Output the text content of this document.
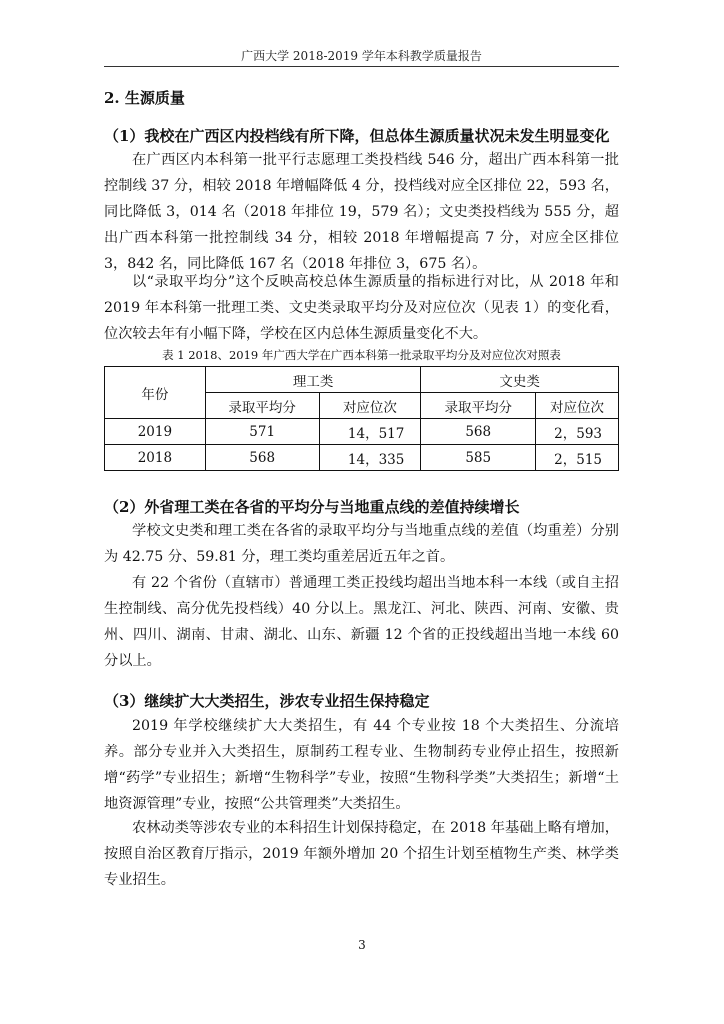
广西大学 2018-2019 学年本科教学质量报告
2. 生源质量
（1）我校在广西区内投档线有所下降，但总体生源质量状况未发生明显变化
在广西区内本科第一批平行志愿理工类投档线 546 分，超出广西本科第一批控制线 37 分，相较 2018 年增幅降低 4 分，投档线对应全区排位 22，593 名，同比降低 3，014 名（2018 年排位 19，579 名）；文史类投档线为 555 分，超出广西本科第一批控制线 34 分，相较 2018 年增幅提高 7 分，对应全区排位 3，842 名，同比降低 167 名（2018 年排位 3，675 名）。
以“录取平均分”这个反映高校总体生源质量的指标进行对比，从 2018 年和 2019 年本科第一批理工类、文史类录取平均分及对应位次（见表 1）的变化看，位次较去年有小幅下降，学校在区内总体生源质量变化不大。
表 1 2018、2019 年广西大学在广西本科第一批录取平均分及对应位次对照表
年份	理工类		文史类	
	录取平均分	对应位次	录取平均分	对应位次
2019	571	14，517	568	2，593
2018	568	14，335	585	2，515
（2）外省理工类在各省的平均分与当地重点线的差值持续增长
学校文史类和理工类在各省的录取平均分与当地重点线的差值（均重差）分别为 42.75 分、59.81 分，理工类均重差居近五年之首。
有 22 个省份（直辖市）普通理工类正投线均超出当地本科一本线（或自主招生控制线、高分优先投档线）40 分以上。黑龙江、河北、陕西、河南、安徽、贵州、四川、湖南、甘肃、湖北、山东、新疆 12 个省的正投线超出当地一本线 60 分以上。
（3）继续扩大大类招生，涉农专业招生保持稳定
2019 年学校继续扩大大类招生，有 44 个专业按 18 个大类招生、分流培养。部分专业并入大类招生，原制药工程专业、生物制药专业停止招生，按照新增“药学”专业招生；新增“生物科学”专业，按照“生物科学类”大类招生；新增“土地资源管理”专业，按照“公共管理类”大类招生。
农林动类等涉农专业的本科招生计划保持稳定，在 2018 年基础上略有增加，按照自治区教育厅指示，2019 年额外增加 20 个招生计划至植物生产类、林学类专业招生。
3
